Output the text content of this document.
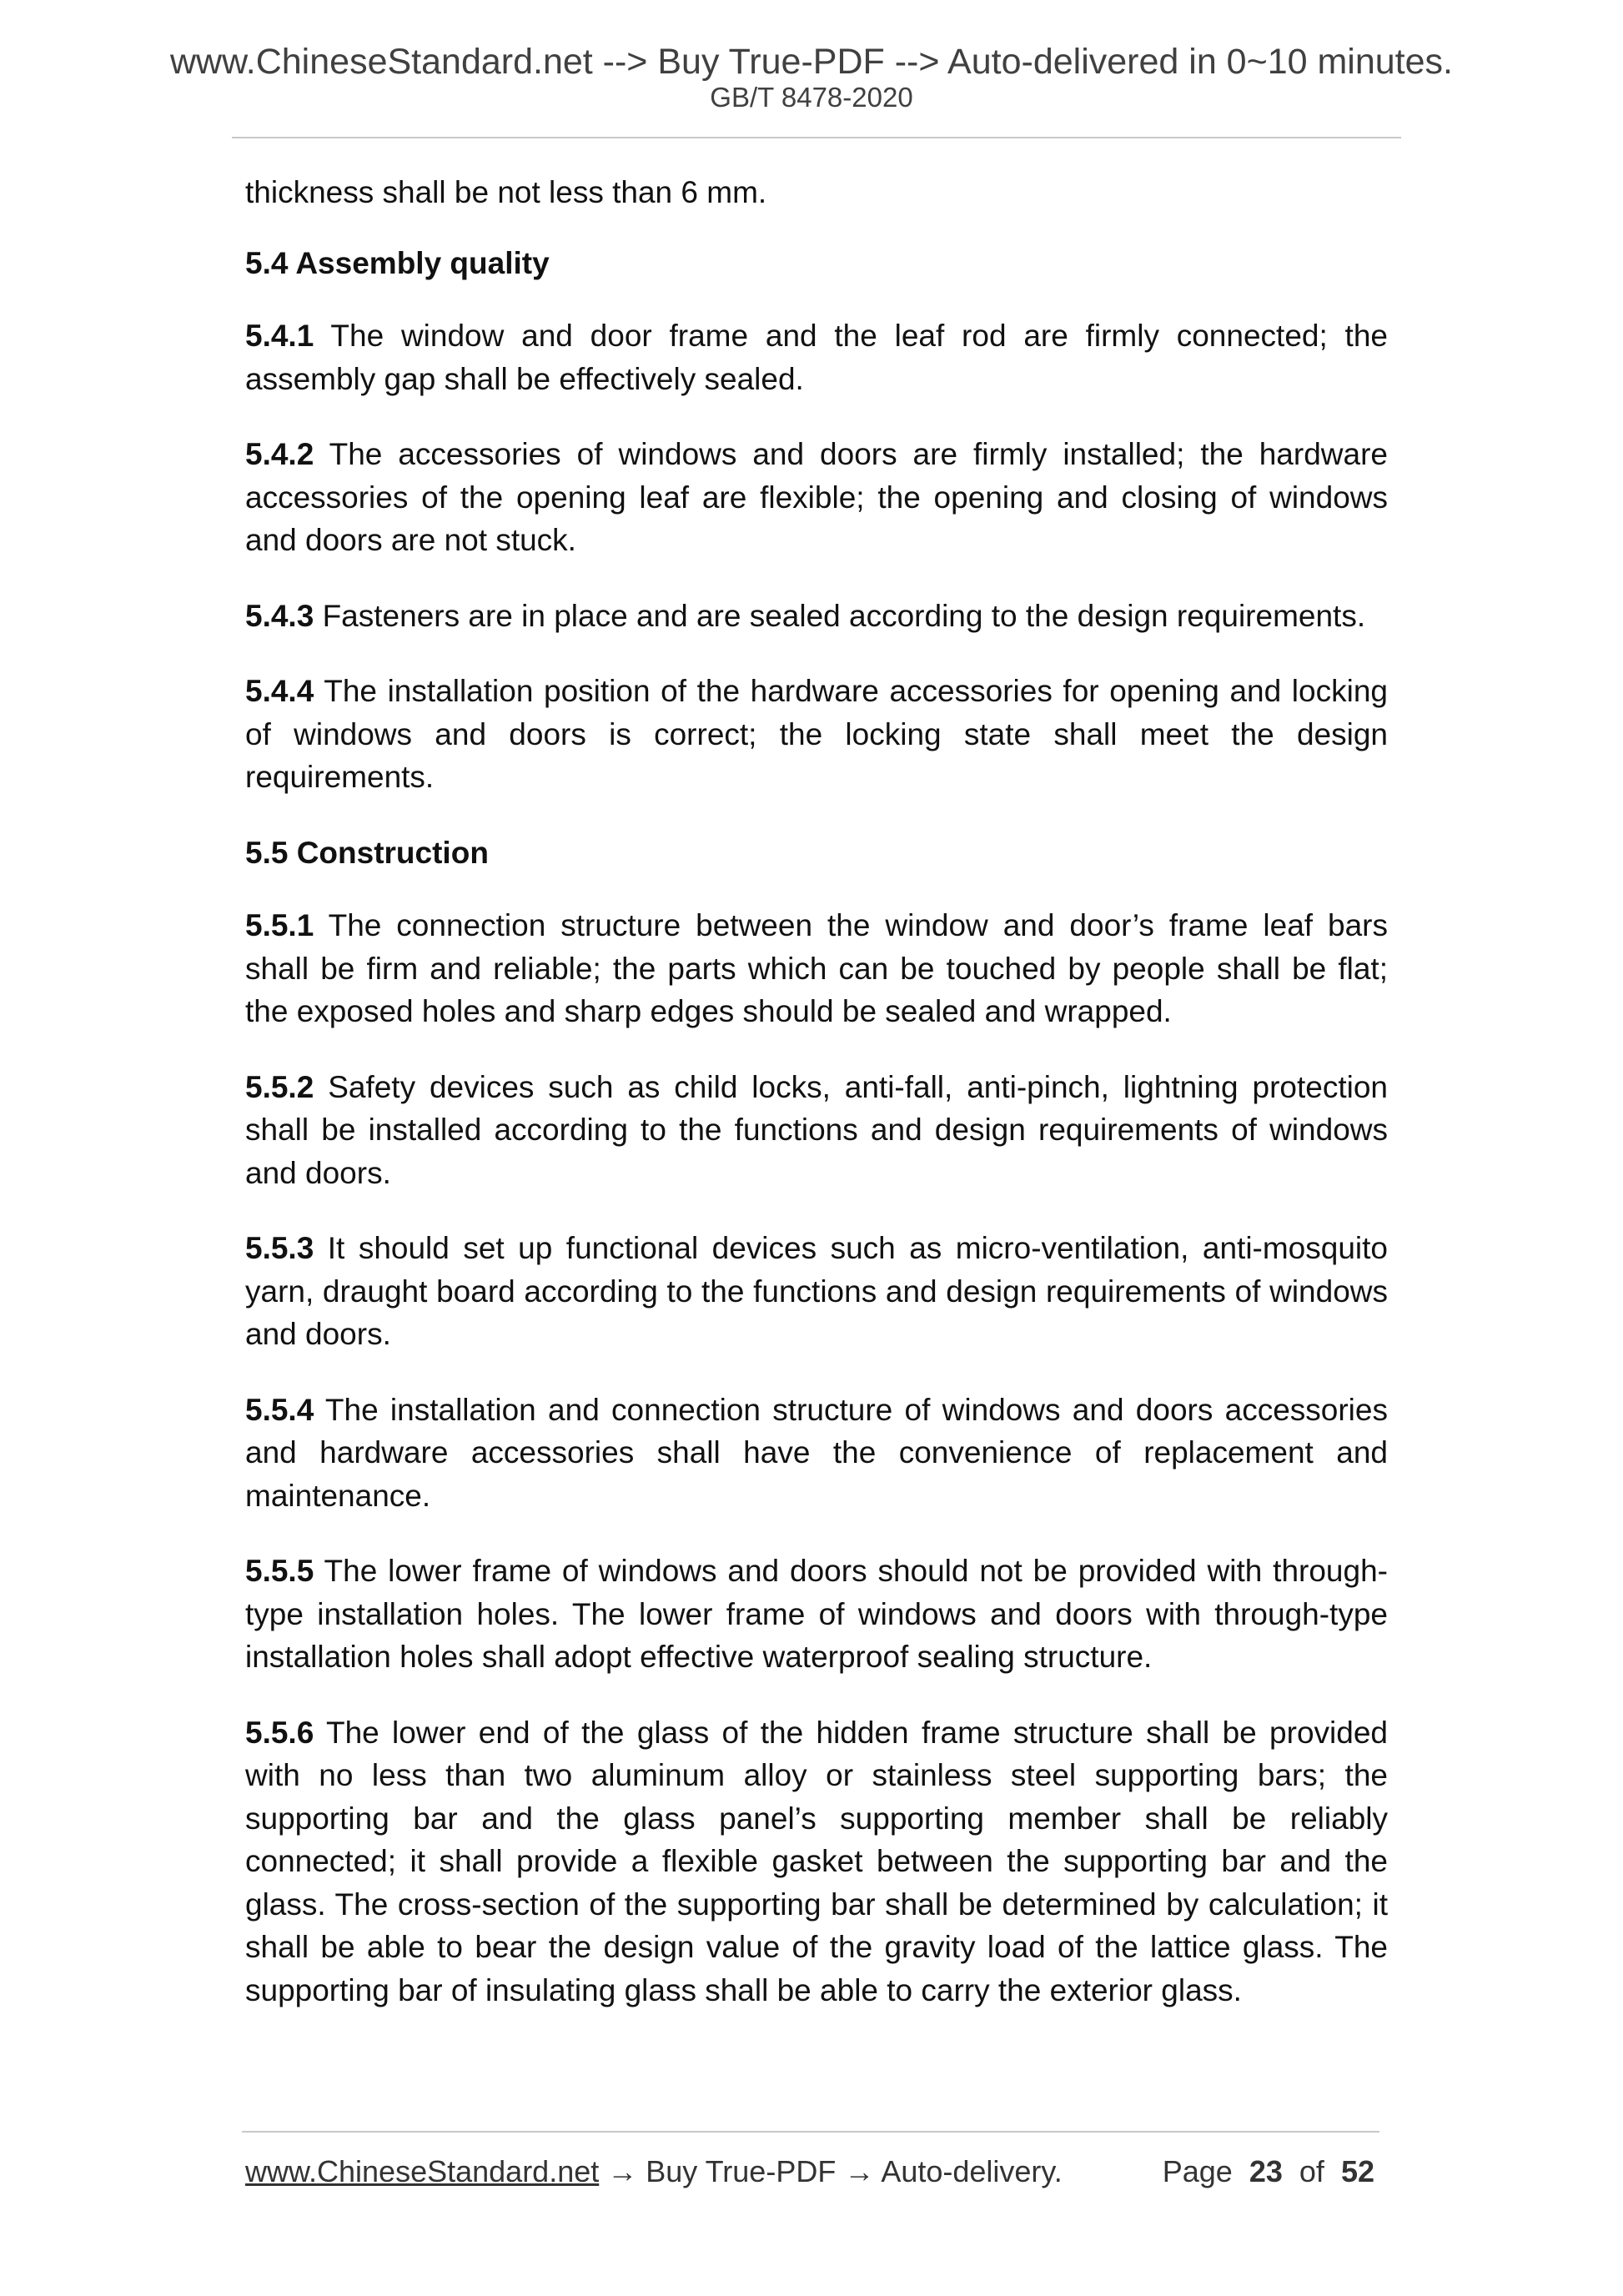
www.ChineseStandard.net --> Buy True-PDF --> Auto-delivered in 0~10 minutes.
GB/T 8478-2020

thickness shall be not less than 6 mm.

5.4 Assembly quality

5.4.1 The window and door frame and the leaf rod are firmly connected; the assembly gap shall be effectively sealed.

5.4.2 The accessories of windows and doors are firmly installed; the hardware accessories of the opening leaf are flexible; the opening and closing of windows and doors are not stuck.

5.4.3 Fasteners are in place and are sealed according to the design requirements.

5.4.4 The installation position of the hardware accessories for opening and locking of windows and doors is correct; the locking state shall meet the design requirements.

5.5 Construction

5.5.1 The connection structure between the window and door’s frame leaf bars shall be firm and reliable; the parts which can be touched by people shall be flat; the exposed holes and sharp edges should be sealed and wrapped.

5.5.2 Safety devices such as child locks, anti-fall, anti-pinch, lightning protection shall be installed according to the functions and design requirements of windows and doors.

5.5.3 It should set up functional devices such as micro-ventilation, anti-mosquito yarn, draught board according to the functions and design requirements of windows and doors.

5.5.4 The installation and connection structure of windows and doors accessories and hardware accessories shall have the convenience of replacement and maintenance.

5.5.5 The lower frame of windows and doors should not be provided with through-type installation holes. The lower frame of windows and doors with through-type installation holes shall adopt effective waterproof sealing structure.

5.5.6 The lower end of the glass of the hidden frame structure shall be provided with no less than two aluminum alloy or stainless steel supporting bars; the supporting bar and the glass panel’s supporting member shall be reliably connected; it shall provide a flexible gasket between the supporting bar and the glass. The cross-section of the supporting bar shall be determined by calculation; it shall be able to bear the design value of the gravity load of the lattice glass. The supporting bar of insulating glass shall be able to carry the exterior glass.

www.ChineseStandard.net → Buy True-PDF → Auto-delivery.	Page 23 of 52
